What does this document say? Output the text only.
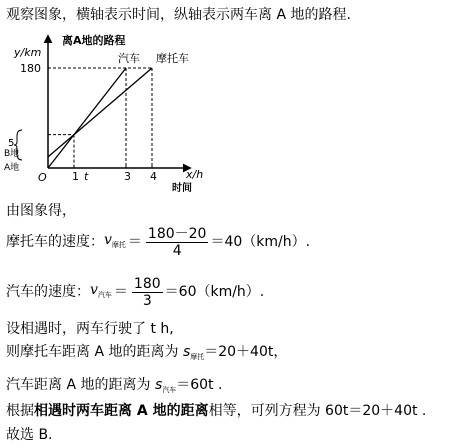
观察图象，横轴表示时间，纵轴表示两车离 A 地的路程.
离A地的路程
y/km
180
x/h
时间
O 1 t	3 4
5
B地
A地
汽车 摩托车
由图象得，
摩托车的速度： $v_{摩托} = \frac{180-20}{4} =40(km/h)$.
汽车的速度： $v_{汽车} = \frac{180}{3} =60(km/h)$.
设相遇时，两车行驶了 t h,
则摩托车距离 A 地的距离为 $s_{摩托}=20+40t$，
汽车距离 A 地的距离为 $s_{汽车}=60t$ .
根据相遇时两车距离 A 地的距离相等，可列方程为 60t＝20＋40t .
故选 B.
